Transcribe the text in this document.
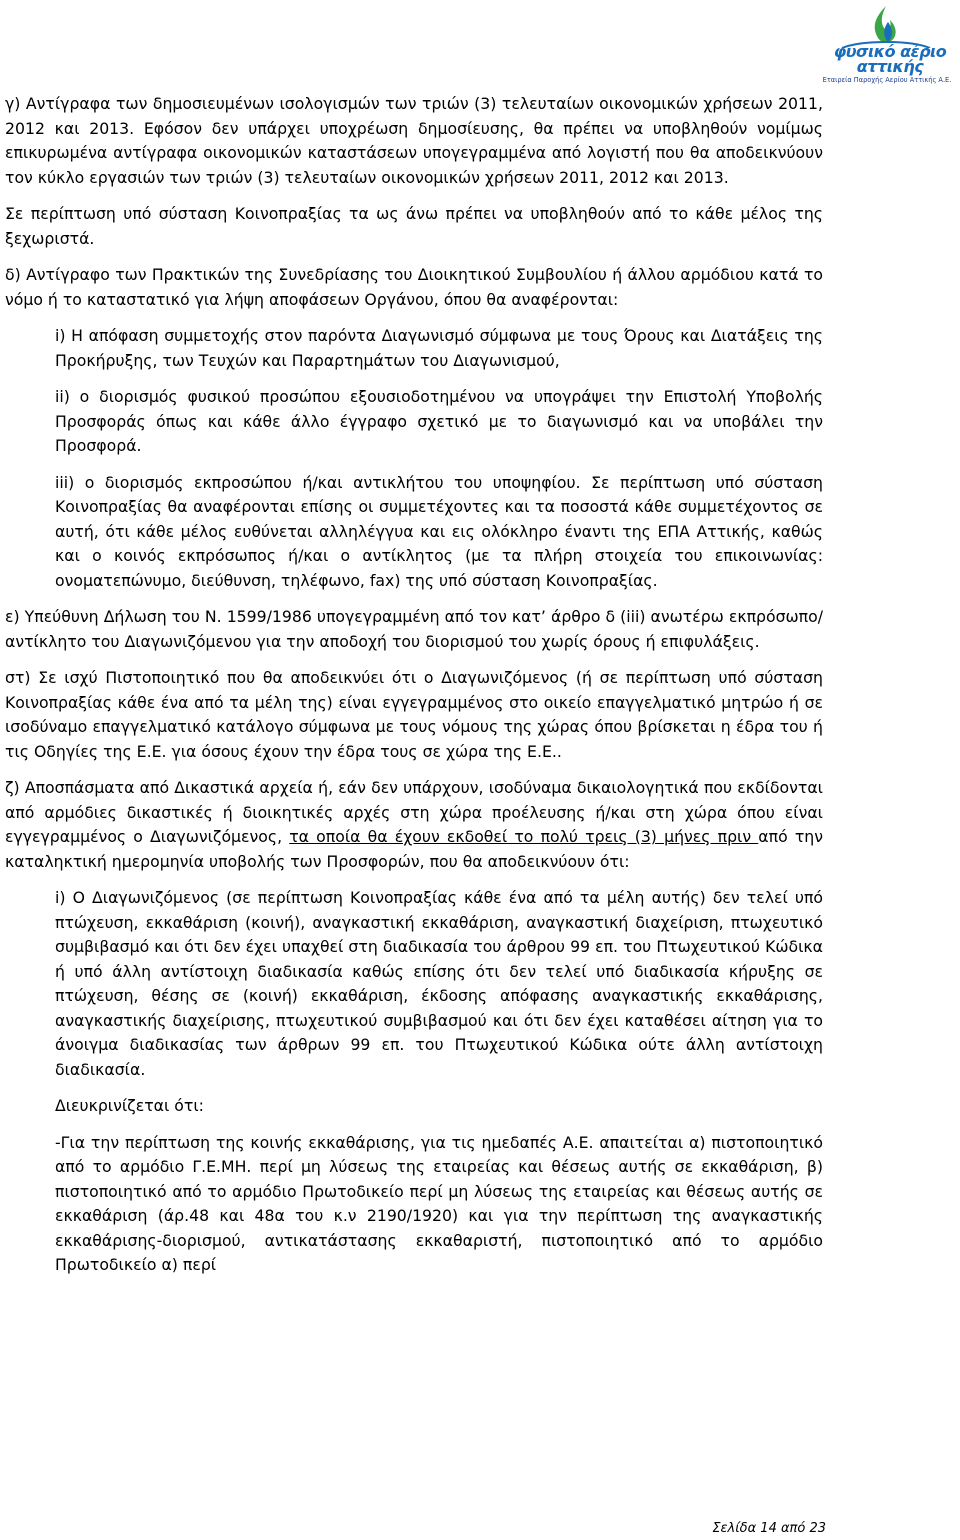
φυσικό αέριο αττικής
Εταιρεία Παροχής Αερίου Αττικής Α.Ε.

γ) Αντίγραφα των δημοσιευμένων ισολογισμών των τριών (3) τελευταίων οικονομικών χρήσεων 2011, 2012 και 2013. Εφόσον δεν υπάρχει υποχρέωση δημοσίευσης, θα πρέπει να υποβληθούν νομίμως επικυρωμένα αντίγραφα οικονομικών καταστάσεων υπογεγραμμένα από λογιστή που θα αποδεικνύουν τον κύκλο εργασιών των τριών (3) τελευταίων οικονομικών χρήσεων 2011, 2012 και 2013.

Σε περίπτωση υπό σύσταση Κοινοπραξίας τα ως άνω πρέπει να υποβληθούν από το κάθε μέλος της ξεχωριστά.

δ) Αντίγραφο των Πρακτικών της Συνεδρίασης του Διοικητικού Συμβουλίου ή άλλου αρμόδιου κατά το νόμο ή το καταστατικό για λήψη αποφάσεων Οργάνου, όπου θα αναφέρονται:

i) Η απόφαση συμμετοχής στον παρόντα Διαγωνισμό σύμφωνα με τους Όρους και Διατάξεις της Προκήρυξης, των Τευχών και Παραρτημάτων του Διαγωνισμού,

ii) ο διορισμός φυσικού προσώπου εξουσιοδοτημένου να υπογράψει την Επιστολή Υποβολής Προσφοράς όπως και κάθε άλλο έγγραφο σχετικό με το διαγωνισμό και να υποβάλει την Προσφορά.

iii) ο διορισμός εκπροσώπου ή/και αντικλήτου του υποψηφίου. Σε περίπτωση υπό σύσταση Κοινοπραξίας θα αναφέρονται επίσης οι συμμετέχοντες και τα ποσοστά κάθε συμμετέχοντος σε αυτή, ότι κάθε μέλος ευθύνεται αλληλέγγυα και εις ολόκληρο έναντι της ΕΠΑ Αττικής, καθώς και ο κοινός εκπρόσωπος ή/και ο αντίκλητος (με τα πλήρη στοιχεία του επικοινωνίας: ονοματεπώνυμο, διεύθυνση, τηλέφωνο, fax) της υπό σύσταση Κοινοπραξίας.

ε) Υπεύθυνη Δήλωση του Ν. 1599/1986 υπογεγραμμένη από τον κατ’ άρθρο δ (iii) ανωτέρω εκπρόσωπο/αντίκλητο του Διαγωνιζόμενου για την αποδοχή του διορισμού του χωρίς όρους ή επιφυλάξεις.

στ) Σε ισχύ Πιστοποιητικό που θα αποδεικνύει ότι ο Διαγωνιζόμενος (ή σε περίπτωση υπό σύσταση Κοινοπραξίας κάθε ένα από τα μέλη της) είναι εγγεγραμμένος στο οικείο επαγγελματικό μητρώο ή σε ισοδύναμο επαγγελματικό κατάλογο σύμφωνα με τους νόμους της χώρας όπου βρίσκεται η έδρα του ή τις Οδηγίες της Ε.Ε. για όσους έχουν την έδρα τους σε χώρα της Ε.Ε..

ζ) Αποσπάσματα από Δικαστικά αρχεία ή, εάν δεν υπάρχουν, ισοδύναμα δικαιολογητικά που εκδίδονται από αρμόδιες δικαστικές ή διοικητικές αρχές στη χώρα προέλευσης ή/και στη χώρα όπου είναι εγγεγραμμένος ο Διαγωνιζόμενος, τα οποία θα έχουν εκδοθεί το πολύ τρεις (3) μήνες πριν από την καταληκτική ημερομηνία υποβολής των Προσφορών, που θα αποδεικνύουν ότι:

i) Ο Διαγωνιζόμενος (σε περίπτωση Κοινοπραξίας κάθε ένα από τα μέλη αυτής) δεν τελεί υπό πτώχευση, εκκαθάριση (κοινή), αναγκαστική εκκαθάριση, αναγκαστική διαχείριση, πτωχευτικό συμβιβασμό και ότι δεν έχει υπαχθεί στη διαδικασία του άρθρου 99 επ. του Πτωχευτικού Κώδικα ή υπό άλλη αντίστοιχη διαδικασία καθώς επίσης ότι δεν τελεί υπό διαδικασία κήρυξης σε πτώχευση, θέσης σε (κοινή) εκκαθάριση, έκδοσης απόφασης αναγκαστικής εκκαθάρισης, αναγκαστικής διαχείρισης, πτωχευτικού συμβιβασμού και ότι δεν έχει καταθέσει αίτηση για το άνοιγμα διαδικασίας των άρθρων 99 επ. του Πτωχευτικού Κώδικα ούτε άλλη αντίστοιχη διαδικασία.

Διευκρινίζεται ότι:

-Για την περίπτωση της κοινής εκκαθάρισης, για τις ημεδαπές Α.Ε. απαιτείται α) πιστοποιητικό από το αρμόδιο Γ.Ε.ΜΗ. περί μη λύσεως της εταιρείας και θέσεως αυτής σε εκκαθάριση, β) πιστοποιητικό από το αρμόδιο Πρωτοδικείο περί μη λύσεως της εταιρείας και θέσεως αυτής σε εκκαθάριση (άρ.48 και 48α του κ.ν 2190/1920) και για την περίπτωση της αναγκαστικής εκκαθάρισης-διορισμού, αντικατάστασης εκκαθαριστή, πιστοποιητικό από το αρμόδιο Πρωτοδικείο α) περί

Σελίδα 14 από 23
